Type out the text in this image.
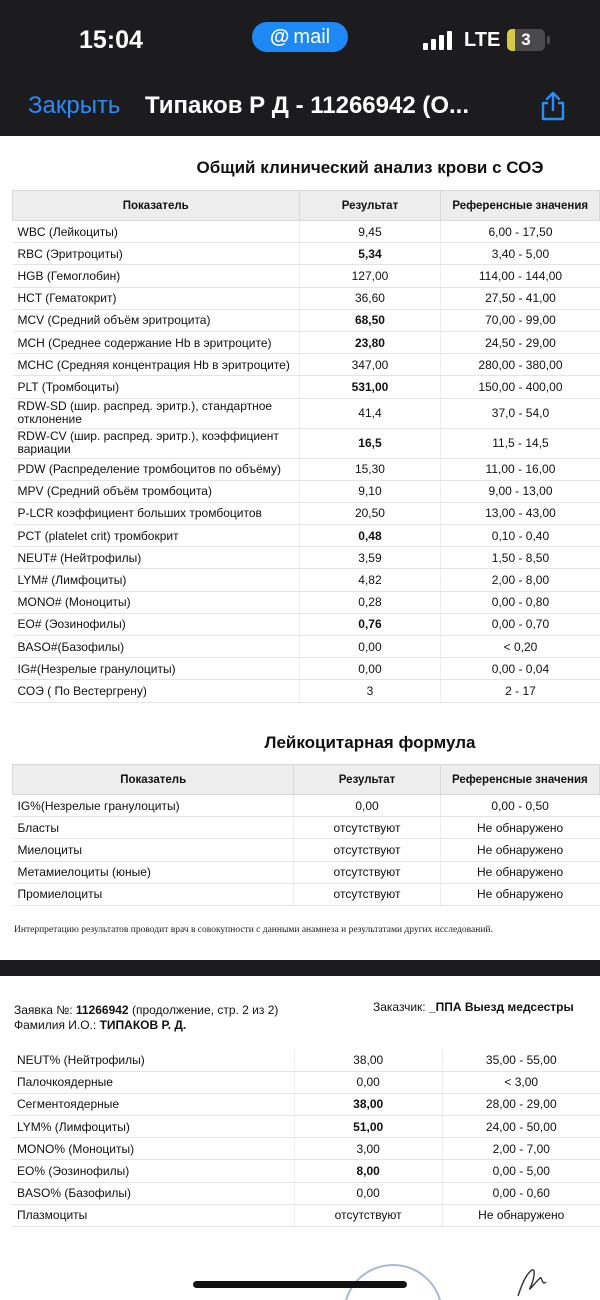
15:04	@ mail	LTE	3
Закрыть Типаков Р Д - 11266942 (О...
Общий клинический анализ крови с СОЭ
Показатель	Результат	Референсные значения
WBC (Лейкоциты)	9,45	6,00 - 17,50
RBC (Эритроциты)	5,34	3,40 - 5,00
HGB (Гемоглобин)	127,00	114,00 - 144,00
HCT (Гематокрит)	36,60	27,50 - 41,00
MCV (Средний объём эритроцита)	68,50	70,00 - 99,00
MCH (Среднее содержание Hb в эритроците)	23,80	24,50 - 29,00
MCHC (Средняя концентрация Hb в эритроците)	347,00	280,00 - 380,00
PLT (Тромбоциты)	531,00	150,00 - 400,00
RDW-SD (шир. распред. эритр.), стандартное отклонение	41,4	37,0 - 54,0
RDW-CV (шир. распред. эритр.), коэффициент вариации	16,5	11,5 - 14,5
PDW (Распределение тромбоцитов по объёму)	15,30	11,00 - 16,00
MPV (Средний объём тромбоцита)	9,10	9,00 - 13,00
P-LCR коэффициент больших тромбоцитов	20,50	13,00 - 43,00
PCT (platelet crit) тромбокрит	0,48	0,10 - 0,40
NEUT# (Нейтрофилы)	3,59	1,50 - 8,50
LYM# (Лимфоциты)	4,82	2,00 - 8,00
MONO# (Моноциты)	0,28	0,00 - 0,80
EO# (Эозинофилы)	0,76	0,00 - 0,70
BASO#(Базофилы)	0,00	< 0,20
IG#(Незрелые гранулоциты)	0,00	0,00 - 0,04
СОЭ ( По Вестергрену)	3	2 - 17
Лейкоцитарная формула
Показатель	Результат	Референсные значения
IG%(Незрелые гранулоциты)	0,00	0,00 - 0,50
Бласты	отсутствуют	Не обнаружено
Миелоциты	отсутствуют	Не обнаружено
Метамиелоциты (юные)	отсутствуют	Не обнаружено
Промиелоциты	отсутствуют	Не обнаружено
Интерпретацию результатов проводит врач в совокупности с данными анамнеза и результатами других исследований.
Заявка №: 11266942 (продолжение, стр. 2 из 2)
Фамилия И.О.: ТИПАКОВ Р. Д.
Заказчик: _ППА Выезд медсестры
NEUT% (Нейтрофилы)	38,00	35,00 - 55,00
Палочкоядерные	0,00	< 3,00
Сегментоядерные	38,00	28,00 - 29,00
LYM% (Лимфоциты)	51,00	24,00 - 50,00
MONO% (Моноциты)	3,00	2,00 - 7,00
EO% (Эозинофилы)	8,00	0,00 - 5,00
BASO% (Базофилы)	0,00	0,00 - 0,60
Плазмоциты	отсутствуют	Не обнаружено
